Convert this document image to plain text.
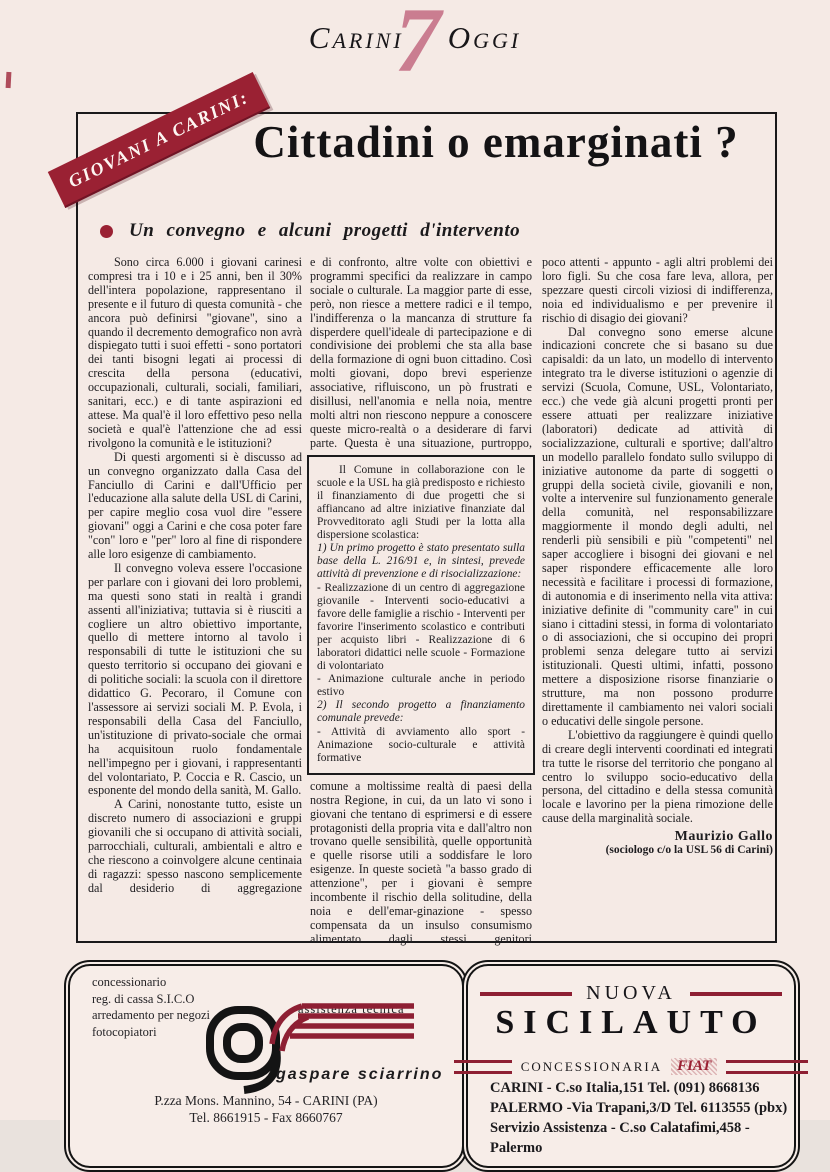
7
Carini Oggi
GIOVANI A CARINI: Cittadini o emarginati ?
Un convegno e alcuni progetti d'intervento

Sono circa 6.000 i giovani carinesi compresi tra i 10 e i 25 anni, ben il 30% dell'intera popolazione, rappresentano il presente e il futuro di questa comunità - che ancora può definirsi "giovane", sino a quando il decremento demografico non avrà dispiegato tutti i suoi effetti - sono portatori dei tanti bisogni legati ai processi di crescita della persona (educativi, occupazionali, culturali, sociali, familiari, sanitari, ecc.) e di tante aspirazioni ed attese. Ma qual'è il loro effettivo peso nella società e qual'è l'attenzione che ad essi rivolgono la comunità e le istituzioni?

Di questi argomenti si è discusso ad un convegno organizzato dalla Casa del Fanciullo di Carini e dall'Ufficio per l'educazione alla salute della USL di Carini, per capire meglio cosa vuol dire "essere giovani" oggi a Carini e che cosa poter fare "con" loro e "per" loro al fine di rispondere alle loro esigenze di cambiamento.

Il convegno voleva essere l'occasione per parlare con i giovani dei loro problemi, ma questi sono stati in realtà i grandi assenti all'iniziativa; tuttavia si è riusciti a cogliere un altro obiettivo importante, quello di mettere intorno al tavolo i responsabili di tutte le istituzioni che su questo territorio si occupano dei giovani e di politiche sociali: la scuola con il direttore didattico G. Pecoraro, il Comune con l'assessore ai servizi sociali M. P. Evola, i responsabili della Casa del Fanciullo, un'istituzione di privato-sociale che ormai ha acquisitoun ruolo fondamentale nell'impegno per i giovani, i rappresentanti del volontariato, P. Coccia e R. Cascio, un esponente del mondo della sanità, M. Gallo.

A Carini, nonostante tutto, esiste un discreto numero di associazioni e gruppi giovanili che si occupano di attività sociali, parrocchiali, culturali, ambientali e altro e che riescono a coinvolgere alcune centinaia di ragazzi: spesso nascono semplicemente dal desiderio di aggregazione

e di confronto, altre volte con obiettivi e programmi specifici da realizzare in campo sociale o culturale. La maggior parte di esse, però, non riesce a mettere radici e il tempo, l'indifferenza o la mancanza di strutture fa disperdere quell'ideale di partecipazione e di condivisione dei problemi che sta alla base della formazione di ogni buon cittadino. Così molti giovani, dopo brevi esperienze associative, rifluiscono, un pò frustrati e disillusi, nell'anomia e nella noia, mentre molti altri non riescono neppure a conoscere queste micro-realtà o a desiderare di farvi parte. Questa è una situazione, purtroppo,

Il Comune in collaborazione con le scuole e la USL ha già predisposto e richiesto il finanziamento di due progetti che si affiancano ad altre iniziative finanziate dal Provveditorato agli Studi per la lotta alla dispersione scolastica:

1) Un primo progetto è stato presentato sulla base della L. 216/91 e, in sintesi, prevede attività di prevenzione e di risocializzazione:

- Realizzazione di un centro di aggregazione giovanile - Interventi socio-educativi a favore delle famiglie a rischio - Interventi per favorire l'inserimento scolastico e contributi per acquisto libri - Realizzazione di 6 laboratori didattici nelle scuole - Formazione di volontariato

- Animazione culturale anche in periodo estivo

2) Il secondo progetto a finanziamento comunale prevede:

- Attività di avviamento allo sport - Animazione socio-culturale e attività formative

comune a moltissime realtà di paesi della nostra Regione, in cui, da un lato vi sono i giovani che tentano di esprimersi e di essere protagonisti della propria vita e dall'altro non trovano quelle sensibilità, quelle opportunità e quelle risorse utili a soddisfare le loro esigenze. In queste società "a basso grado di attenzione", per i giovani è sempre incombente il rischio della solitudine, della noia e dell'emar-ginazione - spesso compensata da un insulso consumismo alimentato dagli stessi genitori

poco attenti - appunto - agli altri problemi dei loro figli. Su che cosa fare leva, allora, per spezzare questi circoli viziosi di indifferenza, noia ed individualismo e per prevenire il rischio di disagio dei giovani?

Dal convegno sono emerse alcune indicazioni concrete che si basano su due capisaldi: da un lato, un modello di intervento integrato tra le diverse istituzioni o agenzie di servizi (Scuola, Comune, USL, Volontariato, ecc.) che vede già alcuni progetti pronti per essere attuati per realizzare iniziative (laboratori) dedicate ad attività di socializzazione, culturali e sportive; dall'altro un modello parallelo fondato sullo sviluppo di iniziative autonome da parte di soggetti o gruppi della società civile, giovanili e non, volte a intervenire sul funzionamento generale della comunità, nel responsabilizzare maggiormente il mondo degli adulti, nel renderli più sensibili e più "competenti" nel saper accogliere i bisogni dei giovani e nel saper rispondere efficacemente alle loro necessità e facilitare i processi di formazione, di autonomia e di inserimento nella vita attiva: iniziative definite di "community care" in cui siano i cittadini stessi, in forma di volontariato o di associazioni, che si occupino dei propri problemi senza delegare tutto ai servizi istituzionali. Questi ultimi, infatti, possono mettere a disposizione risorse finanziarie o strutture, ma non possono produrre direttamente il cambiamento nei valori sociali o educativi delle singole persone.

L'obiettivo da raggiungere è quindi quello di creare degli interventi coordinati ed integrati tra tutte le risorse del territorio che pongano al centro lo sviluppo socio-educativo della persona, del cittadino e della stessa comunità locale e lavorino per la piena rimozione delle cause della marginalità sociale.

Maurizio Gallo
(sociologo c/o la USL 56 di Carini)
concessionario
reg. di cassa S.I.C.O
arredamento per negozi
fotocopiatori
assistenza tecnica
gaspare sciarrino
P.zza Mons. Mannino, 54 - CARINI (PA)
Tel. 8661915 - Fax 8660767
NUOVA
SICILAUTO
CONCESSIONARIA	FIAT
CARINI - C.so Italia,151 Tel. (091) 8668136
PALERMO -Via Trapani,3/D Tel. 6113555 (pbx)
Servizio Assistenza - C.so Calatafimi,458 - Palermo
